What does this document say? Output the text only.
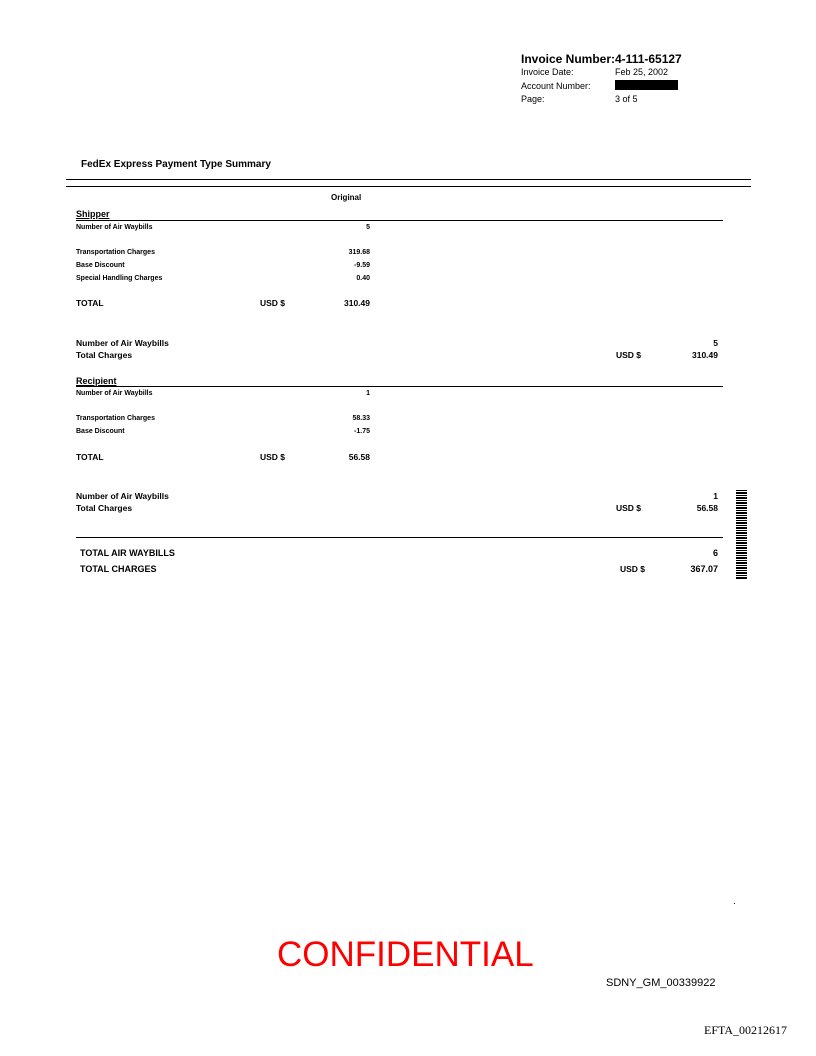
Invoice Number: 4-111-65127
Invoice Date:	Feb 25, 2002
Account Number:
Page:	3 of 5
FedEx Express Payment Type Summary
Original
Shipper
Number of Air Waybills	5
Transportation Charges	319.68
Base Discount	-9.59
Special Handling Charges	0.40
TOTAL	USD $	310.49
Number of Air Waybills	5
Total Charges	USD $	310.49
Recipient
Number of Air Waybills	1
Transportation Charges	58.33
Base Discount	-1.75
TOTAL	USD $	56.58
Number of Air Waybills	1
Total Charges	USD $	56.58
TOTAL AIR WAYBILLS	6
TOTAL CHARGES	USD $	367.07
.
CONFIDENTIAL
SDNY_GM_00339922
EFTA_00212617
